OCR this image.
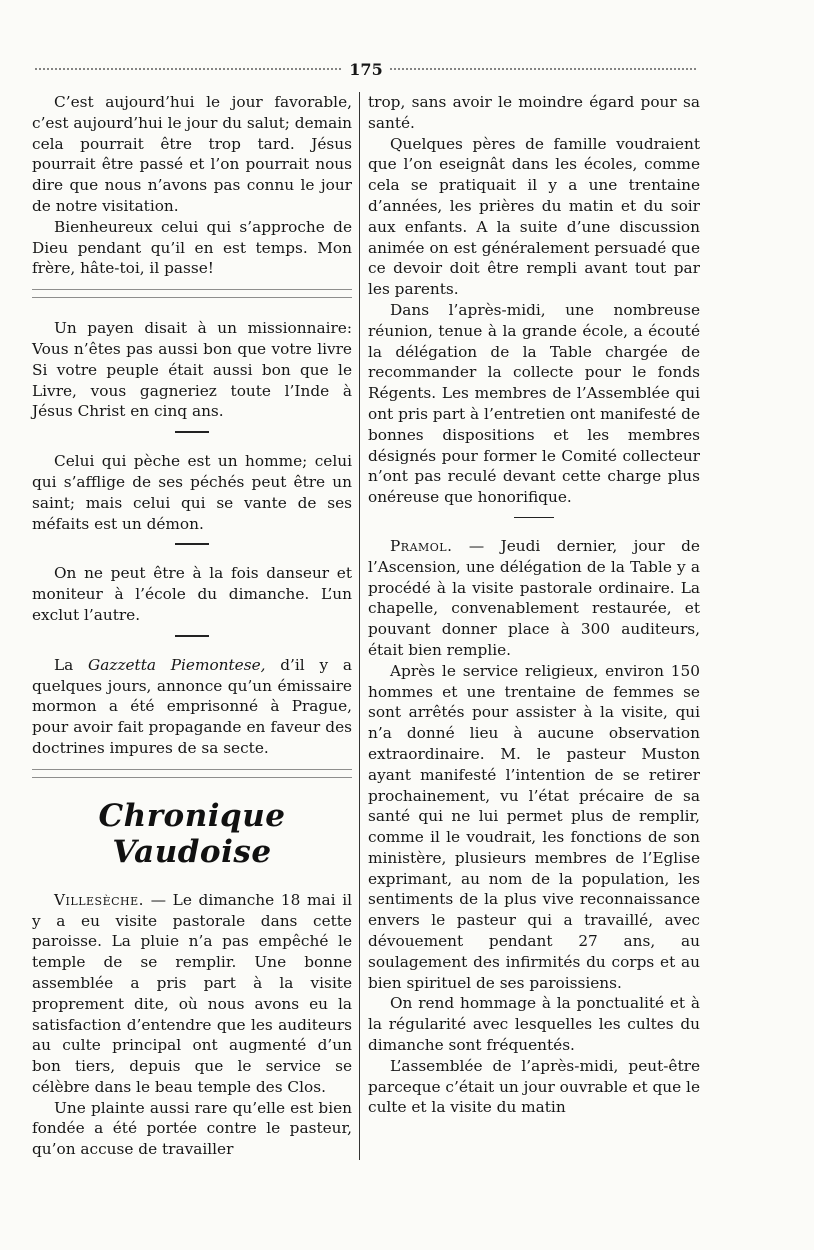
175

C’est aujourd’hui le jour favorable, c’est aujourd’hui le jour du salut; demain cela pourrait être trop tard. Jésus pourrait être passé et l’on pourrait nous dire que nous n’avons pas connu le jour de notre visitation.

Bienheureux celui qui s’approche de Dieu pendant qu’il en est temps. Mon frère, hâte-toi, il passe!

Un payen disait à un missionnaire: Vous n’êtes pas aussi bon que votre livre Si votre peuple était aussi bon que le Livre, vous gagneriez toute l’Inde à Jésus Christ en cinq ans.

Celui qui pèche est un homme; celui qui s’afflige de ses péchés peut être un saint; mais celui qui se vante de ses méfaits est un démon.

On ne peut être à la fois danseur et moniteur à l’école du dimanche. L’un exclut l’autre.

La Gazzetta Piemontese, d’il y a quelques jours, annonce qu’un émissaire mormon a été emprisonné à Prague, pour avoir fait propagande en faveur des doctrines impures de sa secte.

Chronique Vaudoise

Villesèche. — Le dimanche 18 mai il y a eu visite pastorale dans cette paroisse. La pluie n’a pas empêché le temple de se remplir. Une bonne assemblée a pris part à la visite proprement dite, où nous avons eu la satisfaction d’entendre que les auditeurs au culte principal ont augmenté d’un bon tiers, depuis que le service se célèbre dans le beau temple des Clos.

Une plainte aussi rare qu’elle est bien fondée a été portée contre le pasteur, qu’on accuse de travailler

trop, sans avoir le moindre égard pour sa santé.

Quelques pères de famille voudraient que l’on eseignât dans les écoles, comme cela se pratiquait il y a une trentaine d’années, les prières du matin et du soir aux enfants. A la suite d’une discussion animée on est généralement persuadé que ce devoir doit être rempli avant tout par les parents.

Dans l’après-midi, une nombreuse réunion, tenue à la grande école, a écouté la délégation de la Table chargée de recommander la collecte pour le fonds Régents. Les membres de l’Assemblée qui ont pris part à l’entretien ont manifesté de bonnes dispositions et les membres désignés pour former le Comité collecteur n’ont pas reculé devant cette charge plus onéreuse que honorifique.

Pramol. — Jeudi dernier, jour de l’Ascension, une délégation de la Table y a procédé à la visite pastorale ordinaire. La chapelle, convenablement restaurée, et pouvant donner place à 300 auditeurs, était bien remplie.

Après le service religieux, environ 150 hommes et une trentaine de femmes se sont arrêtés pour assister à la visite, qui n’a donné lieu à aucune observation extraordinaire. M. le pasteur Muston ayant manifesté l’intention de se retirer prochainement, vu l’état précaire de sa santé qui ne lui permet plus de remplir, comme il le voudrait, les fonctions de son ministère, plusieurs membres de l’Eglise exprimant, au nom de la population, les sentiments de la plus vive reconnaissance envers le pasteur qui a travaillé, avec dévouement pendant 27 ans, au soulagement des infirmités du corps et au bien spirituel de ses paroissiens.

On rend hommage à la ponctualité et à la régularité avec lesquelles les cultes du dimanche sont fréquentés.

L’assemblée de l’après-midi, peut-être parceque c’était un jour ouvrable et que le culte et la visite du matin
